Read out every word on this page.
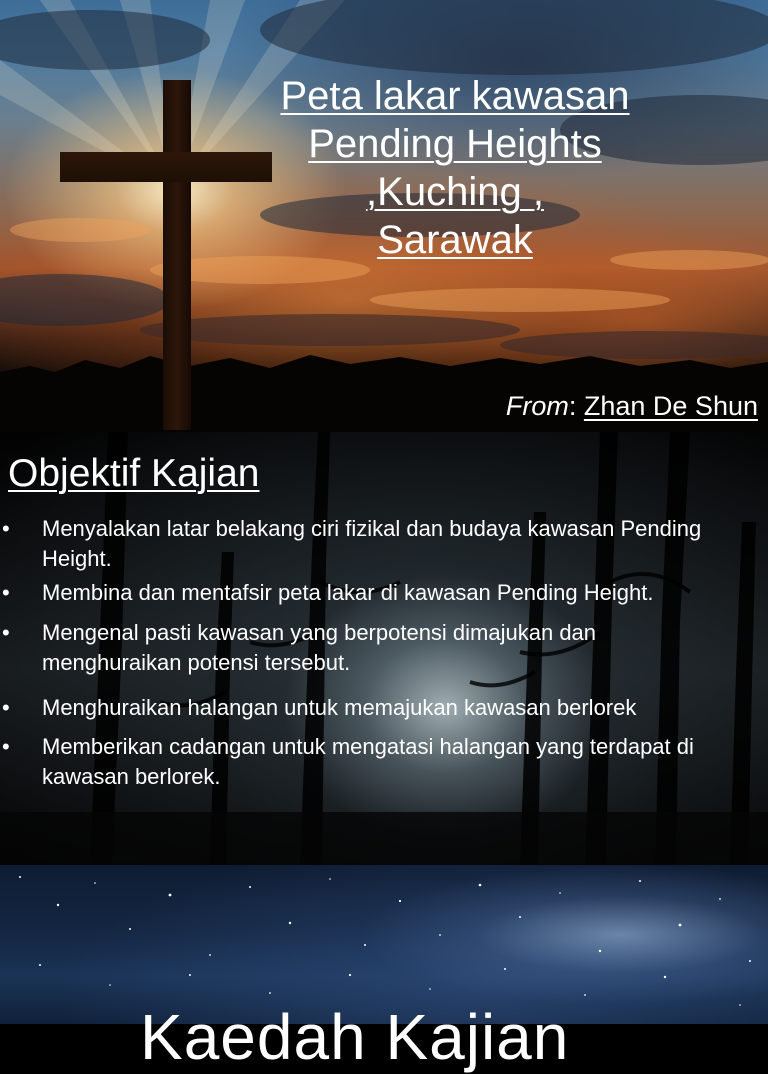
Peta lakar kawasan
Pending Heights
,Kuching ,
Sarawak
From: Zhan De Shun
Objektif Kajian
• Menyalakan latar belakang ciri fizikal dan budaya kawasan Pending Height.
• Membina dan mentafsir peta lakar di kawasan Pending Height.
• Mengenal pasti kawasan yang berpotensi dimajukan dan menghuraikan potensi tersebut.
• Menghuraikan halangan untuk memajukan kawasan berlorek
• Memberikan cadangan untuk mengatasi halangan yang terdapat di kawasan berlorek.
Kaedah Kajian
